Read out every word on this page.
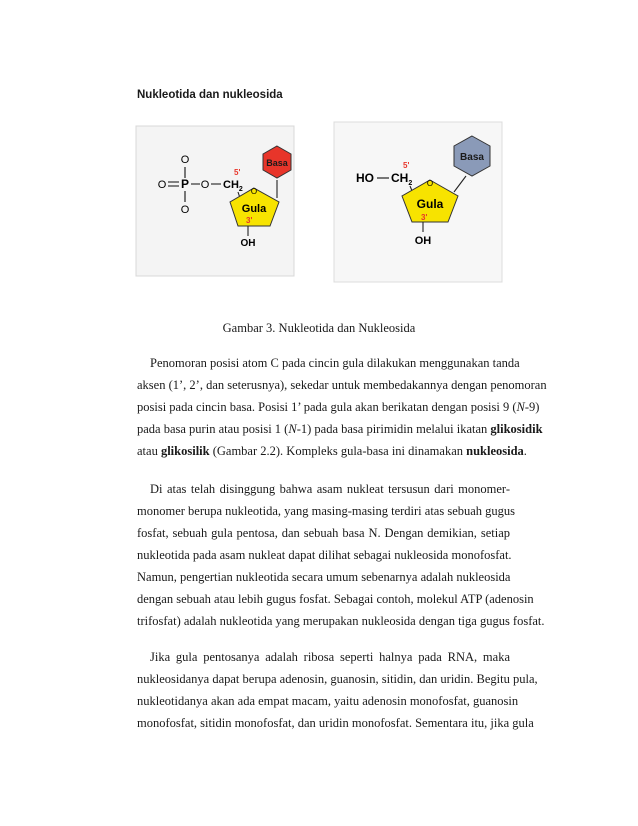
Nukleotida dan nukleosida
O
O P O $CH_2$
O
5'
O
Gula
3'
OH
Basa
HO $CH_2$
5'
O
Gula
3'
OH
Basa
Gambar 3. Nukleotida dan Nukleosida
Penomoran posisi atom C pada cincin gula dilakukan menggunakan tanda
aksen (1’, 2’, dan seterusnya), sekedar untuk membedakannya dengan penomoran
posisi pada cincin basa. Posisi 1’ pada gula akan berikatan dengan posisi 9 (N-9)
pada basa purin atau posisi 1 (N-1) pada basa pirimidin melalui ikatan glikosidik
atau glikosilik (Gambar 2.2). Kompleks gula-basa ini dinamakan nukleosida.
Di atas telah disinggung bahwa asam nukleat tersusun dari monomer-
monomer berupa nukleotida, yang masing-masing terdiri atas sebuah gugus
fosfat, sebuah gula pentosa, dan sebuah basa N. Dengan demikian, setiap
nukleotida pada asam nukleat dapat dilihat sebagai nukleosida monofosfat.
Namun, pengertian nukleotida secara umum sebenarnya adalah nukleosida
dengan sebuah atau lebih gugus fosfat. Sebagai contoh, molekul ATP (adenosin
trifosfat) adalah nukleotida yang merupakan nukleosida dengan tiga gugus fosfat.
Jika gula pentosanya adalah ribosa seperti halnya pada RNA, maka
nukleosidanya dapat berupa adenosin, guanosin, sitidin, dan uridin. Begitu pula,
nukleotidanya akan ada empat macam, yaitu adenosin monofosfat, guanosin
monofosfat, sitidin monofosfat, dan uridin monofosfat. Sementara itu, jika gula
